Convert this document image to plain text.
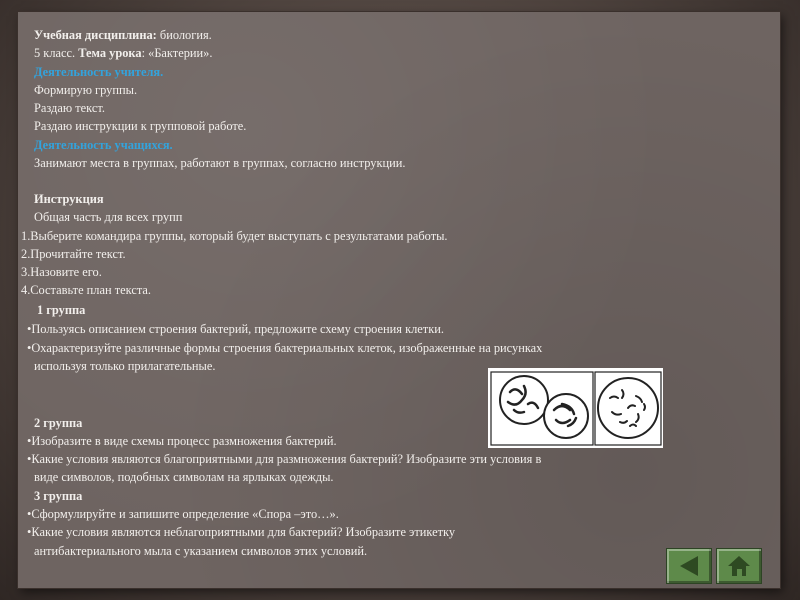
Учебная дисциплина: биология.
5 класс. Тема урока: «Бактерии».
Деятельность учителя.
Формирую группы.
Раздаю текст.
Раздаю инструкции к групповой работе.
Деятельность учащихся.
Занимают места в группах, работают в группах, согласно инструкции.
Инструкция
Общая часть для всех групп
1.Выберите командира группы, который будет выступать с результатами работы.
2.Прочитайте текст.
3.Назовите его.
4.Составьте план текста.
1 группа
•Пользуясь описанием строения бактерий, предложите схему строения клетки.
•Охарактеризуйте различные формы строения бактериальных клеток, изображенные на рисунках
используя только прилагательные.
2 группа
•Изобразите в виде схемы процесс размножения бактерий.
•Какие условия являются благоприятными для размножения бактерий? Изобразите эти условия в
виде символов, подобных символам на ярлыках одежды.
3 группа
•Сформулируйте и запишите определение «Спора –это…».
•Какие условия являются неблагоприятными для бактерий? Изобразите этикетку
антибактериального мыла с указанием символов этих условий.
